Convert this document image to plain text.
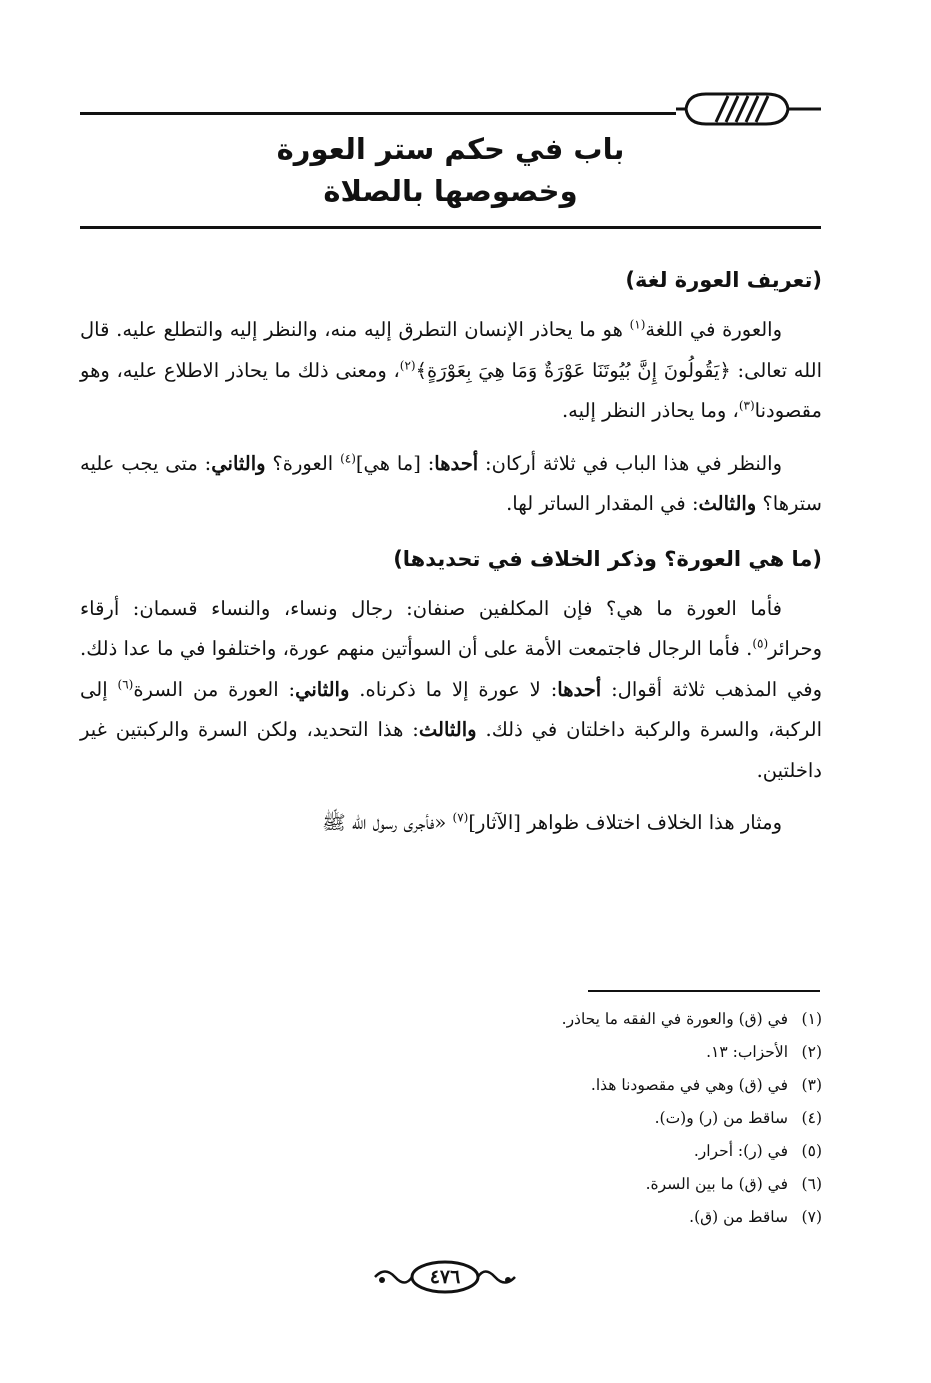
باب في حكم ستر العورة
وخصوصها بالصلاة
(تعريف العورة لغة)

والعورة في اللغة$^{(١)}$ هو ما يحاذر الإنسان التطرق إليه منه، والنظر إليه والتطلع عليه. قال الله تعالى: ﴿يَقُولُونَ إِنَّ بُيُوتَنَا عَوْرَةٌ وَمَا هِيَ بِعَوْرَةٍ﴾$^{(٢)}$، ومعنى ذلك ما يحاذر الاطلاع عليه، وهو مقصودنا$^{(٣)}$، وما يحاذر النظر إليه.

والنظر في هذا الباب في ثلاثة أركان: أحدها: [ما هي]$^{(٤)}$ العورة؟ والثاني: متى يجب عليه سترها؟ والثالث: في المقدار الساتر لها.

(ما هي العورة؟ وذكر الخلاف في تحديدها)

فأما العورة ما هي؟ فإن المكلفين صنفان: رجال ونساء، والنساء قسمان: أرقاء وحرائر$^{(٥)}$. فأما الرجال فاجتمعت الأمة على أن السوأتين منهم عورة، واختلفوا في ما عدا ذلك. وفي المذهب ثلاثة أقوال: أحدها: لا عورة إلا ما ذكرناه. والثاني: العورة من السرة$^{(٦)}$ إلى الركبة، والسرة والركبة داخلتان في ذلك. والثالث: هذا التحديد، ولكن السرة والركبتين غير داخلتين.

ومثار هذا الخلاف اختلاف ظواهر [الآثار]$^{(٧)}$ «فأجرى رسول الله ﷺ

(١)في (ق) والعورة في الفقه ما يحاذر.
(٢)الأحزاب: ١٣.
(٣)في (ق) وهي في مقصودنا هذا.
(٤)ساقط من (ر) و(ت).
(٥)في (ر): أحرار.
(٦)في (ق) ما بين السرة.
(٧)ساقط من (ق).
٤٧٦
